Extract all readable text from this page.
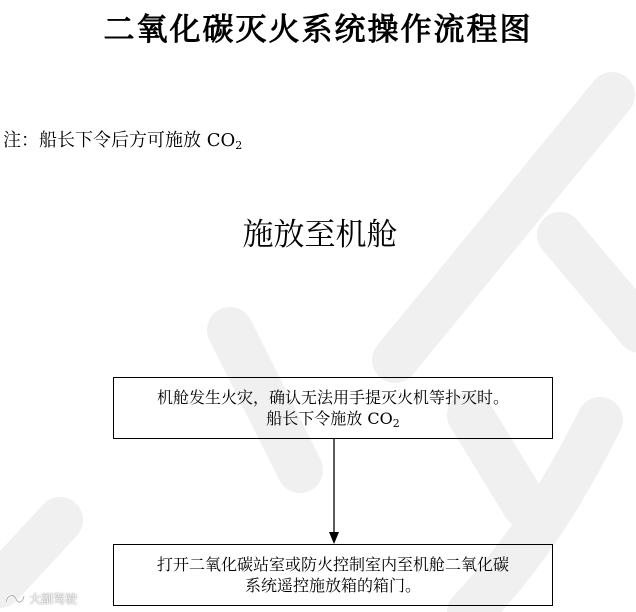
二氧化碳灭火系统操作流程图
注：船长下令后方可施放 $CO_2$
施放至机舱
机舱发生火灾，确认无法用手提灭火机等扑灭时。
船长下令施放 $CO_2$
打开二氧化碳站室或防火控制室内至机舱二氧化碳
系统遥控施放箱的箱门。
大副驾驶
